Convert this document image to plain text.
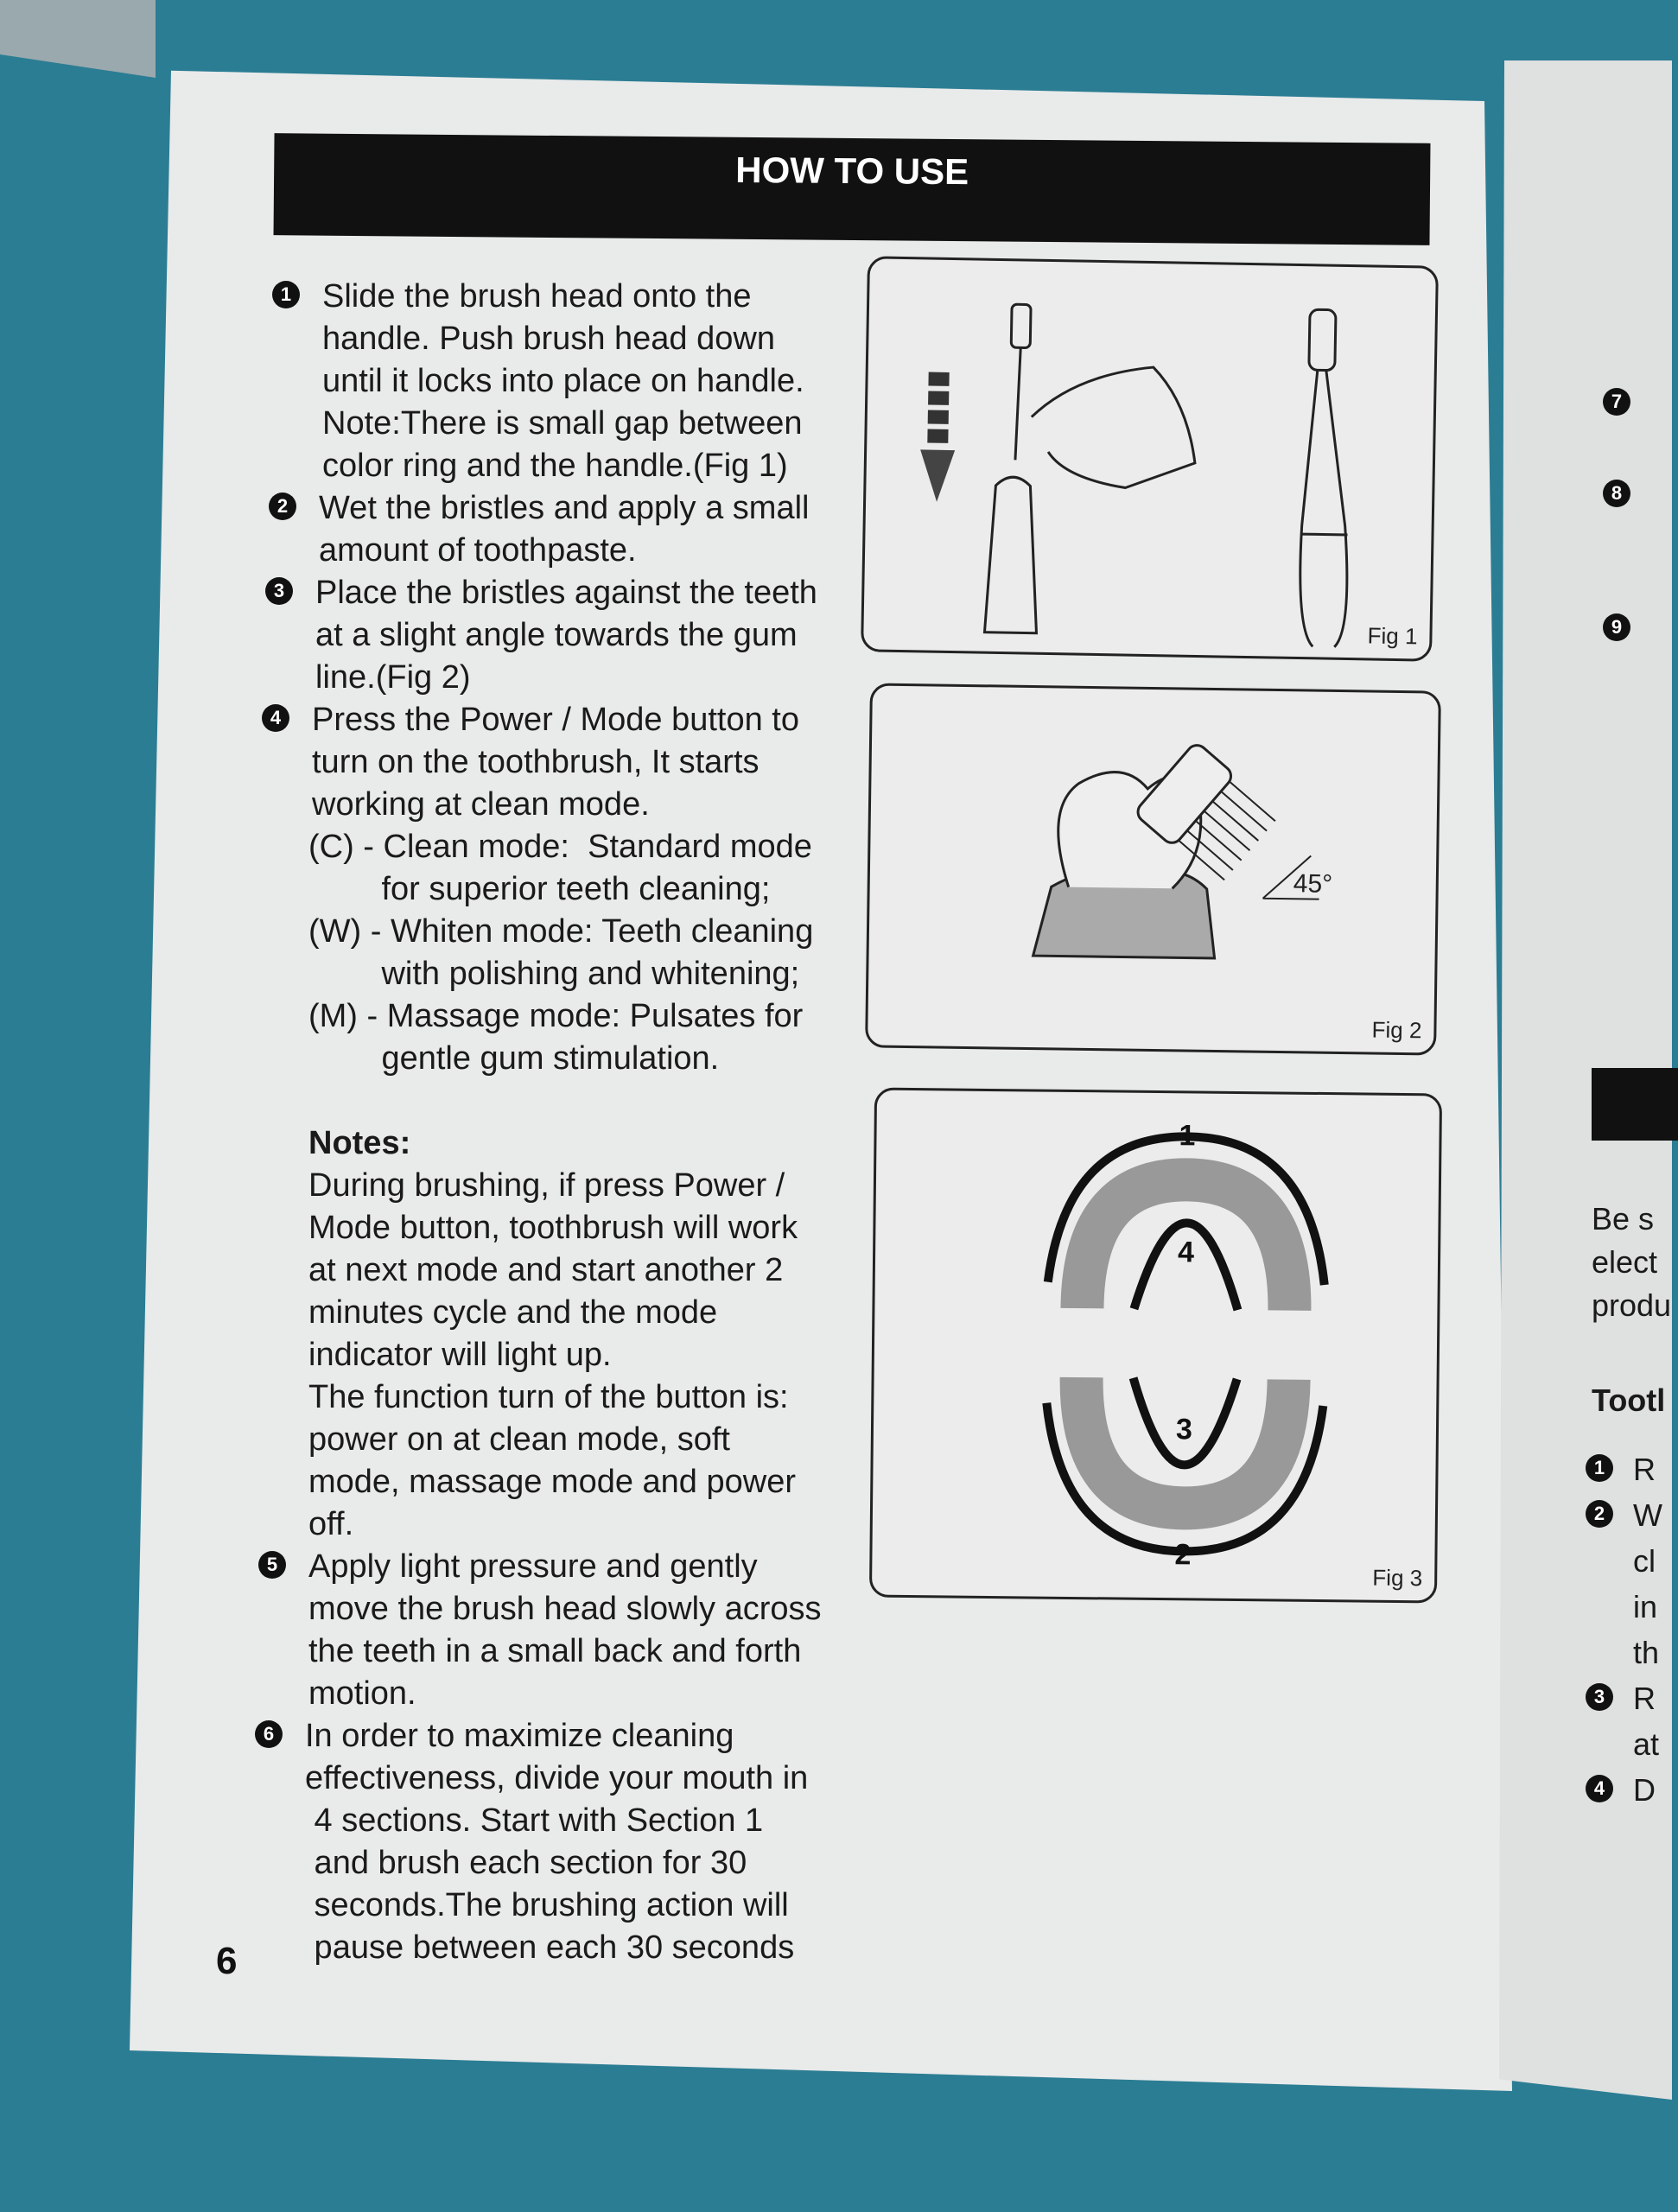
HOW TO USE
1 Slide the brush head onto the
handle. Push brush head down
until it locks into place on handle.
Note:There is small gap between
color ring and the handle.(Fig 1)
2 Wet the bristles and apply a small
amount of toothpaste.
3 Place the bristles against the teeth
at a slight angle towards the gum
line.(Fig 2)
4 Press the Power / Mode button to
turn on the toothbrush, It starts
working at clean mode.
(C) - Clean mode:  Standard mode
for superior teeth cleaning;
(W) - Whiten mode: Teeth cleaning
with polishing and whitening;
(M) - Massage mode: Pulsates for
gentle gum stimulation.
Notes:
During brushing, if press Power /
Mode button, toothbrush will work
at next mode and start another 2
minutes cycle and the mode
indicator will light up.
The function turn of the button is:
power on at clean mode, soft
mode, massage mode and power
off.
5 Apply light pressure and gently
move the brush head slowly across
the teeth in a small back and forth
motion.
6 In order to maximize cleaning
effectiveness, divide your mouth in
4 sections. Start with Section 1
and brush each section for 30
seconds.The brushing action will
pause between each 30 seconds
Fig 1
45°
Fig 2
1
2
3
4
Fig 3
6
7
8
9
Be s
elect
produ
Tootl
1 R
2 W
cl
in
th
3 R
at
4 D
